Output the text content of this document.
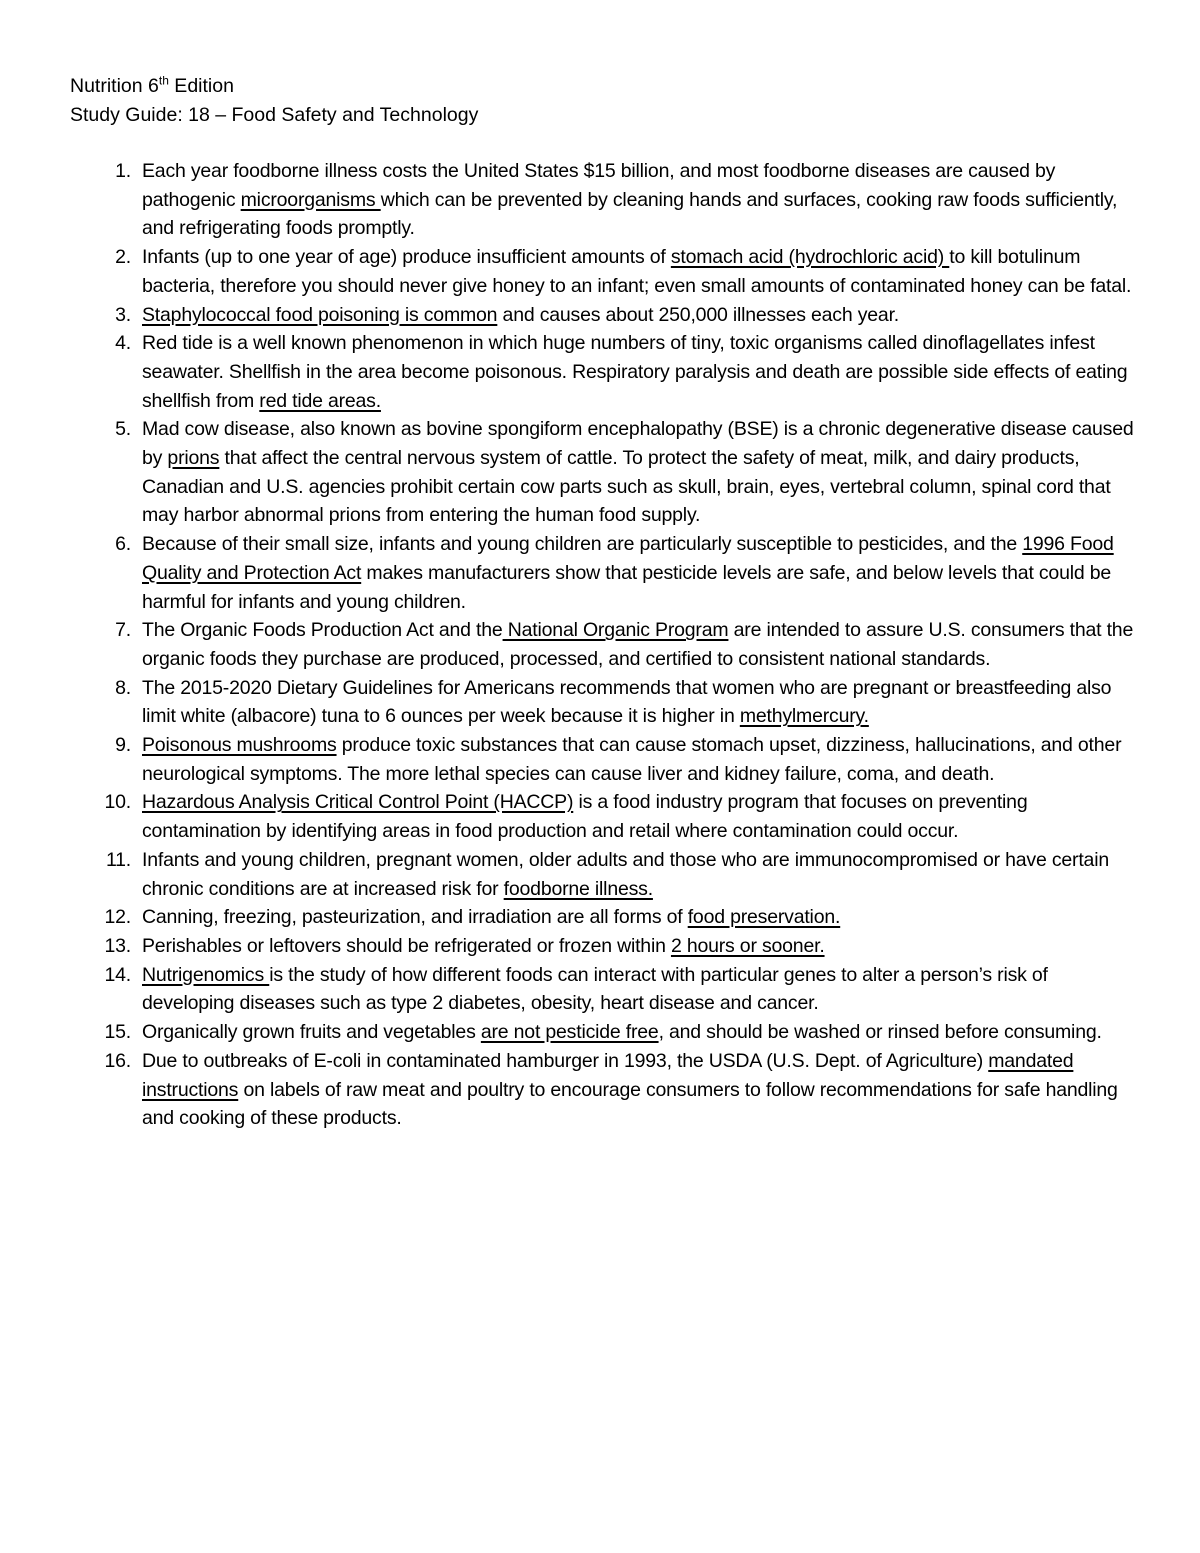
Nutrition 6th Edition

Study Guide: 18 – Food Safety and Technology

1. Each year foodborne illness costs the United States $15 billion, and most foodborne diseases are caused by pathogenic microorganisms which can be prevented by cleaning hands and surfaces, cooking raw foods sufficiently, and refrigerating foods promptly.
2. Infants (up to one year of age) produce insufficient amounts of stomach acid (hydrochloric acid) to kill botulinum bacteria, therefore you should never give honey to an infant; even small amounts of contaminated honey can be fatal.
3. Staphylococcal food poisoning is common and causes about 250,000 illnesses each year.
4. Red tide is a well known phenomenon in which huge numbers of tiny, toxic organisms called dinoflagellates infest seawater. Shellfish in the area become poisonous. Respiratory paralysis and death are possible side effects of eating shellfish from red tide areas.
5. Mad cow disease, also known as bovine spongiform encephalopathy (BSE) is a chronic degenerative disease caused by prions that affect the central nervous system of cattle. To protect the safety of meat, milk, and dairy products, Canadian and U.S. agencies prohibit certain cow parts such as skull, brain, eyes, vertebral column, spinal cord that may harbor abnormal prions from entering the human food supply.
6. Because of their small size, infants and young children are particularly susceptible to pesticides, and the 1996 Food Quality and Protection Act makes manufacturers show that pesticide levels are safe, and below levels that could be harmful for infants and young children.
7. The Organic Foods Production Act and the National Organic Program are intended to assure U.S. consumers that the organic foods they purchase are produced, processed, and certified to consistent national standards.
8. The 2015-2020 Dietary Guidelines for Americans recommends that women who are pregnant or breastfeeding also limit white (albacore) tuna to 6 ounces per week because it is higher in methylmercury.
9. Poisonous mushrooms produce toxic substances that can cause stomach upset, dizziness, hallucinations, and other neurological symptoms. The more lethal species can cause liver and kidney failure, coma, and death.
10. Hazardous Analysis Critical Control Point (HACCP) is a food industry program that focuses on preventing contamination by identifying areas in food production and retail where contamination could occur.
11. Infants and young children, pregnant women, older adults and those who are immunocompromised or have certain chronic conditions are at increased risk for foodborne illness.
12. Canning, freezing, pasteurization, and irradiation are all forms of food preservation.
13. Perishables or leftovers should be refrigerated or frozen within 2 hours or sooner.
14. Nutrigenomics is the study of how different foods can interact with particular genes to alter a person’s risk of developing diseases such as type 2 diabetes, obesity, heart disease and cancer.
15. Organically grown fruits and vegetables are not pesticide free, and should be washed or rinsed before consuming.
16. Due to outbreaks of E-coli in contaminated hamburger in 1993, the USDA (U.S. Dept. of Agriculture) mandated instructions on labels of raw meat and poultry to encourage consumers to follow recommendations for safe handling and cooking of these products.
